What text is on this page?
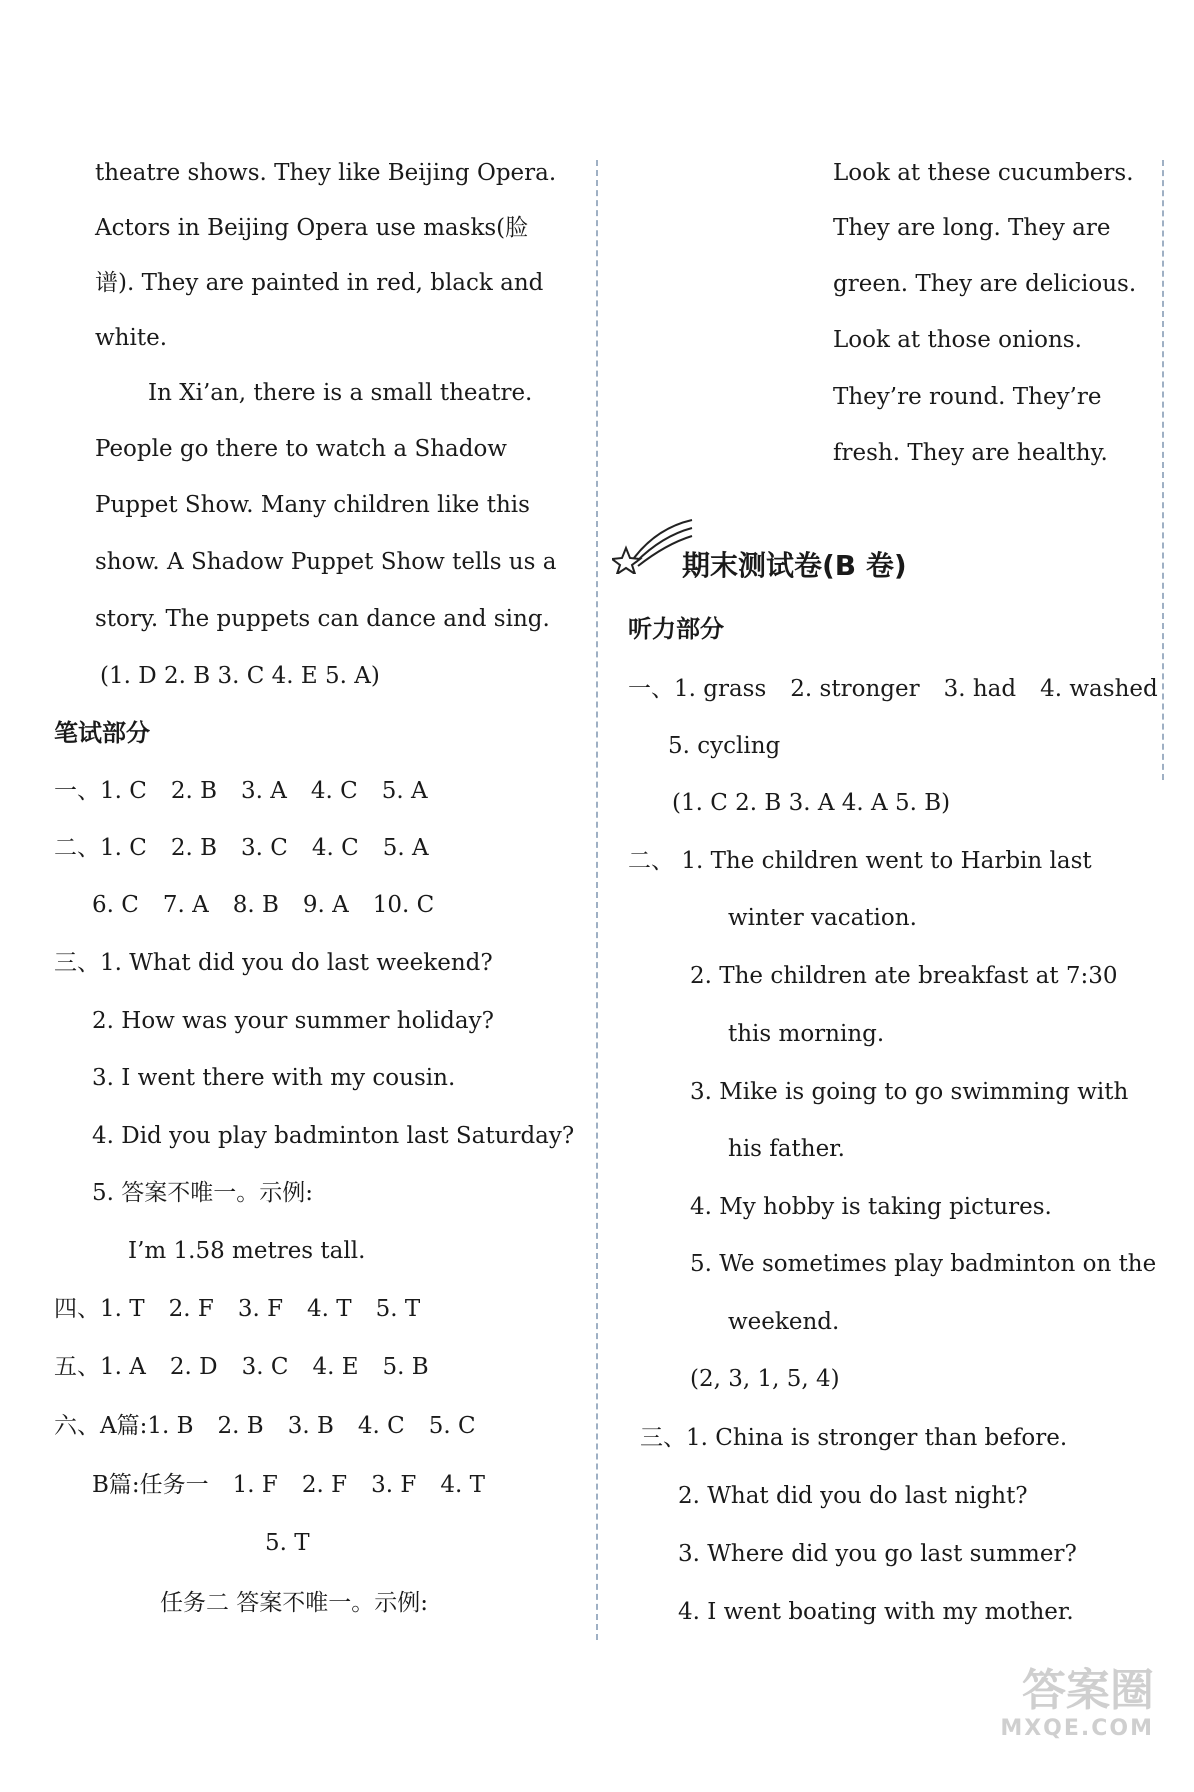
theatre shows. They like Beijing Opera.
Actors in Beijing Opera use masks(脸
谱). They are painted in red, black and
white.
In Xi’an, there is a small theatre.
People go there to watch a Shadow
Puppet Show. Many children like this
show. A Shadow Puppet Show tells us a
story. The puppets can dance and sing.
(1. D 2. B 3. C 4. E 5. A)
笔试部分
一、1. C 2. B 3. A 4. C 5. A
二、1. C 2. B 3. C 4. C 5. A
6. C 7. A 8. B 9. A 10. C
三、1. What did you do last weekend?
2. How was your summer holiday?
3. I went there with my cousin.
4. Did you play badminton last Saturday?
5. 答案不唯一。示例:
I’m 1.58 metres tall.
四、1. T 2. F 3. F 4. T 5. T
五、1. A 2. D 3. C 4. E 5. B
六、A篇:1. B 2. B 3. B 4. C 5. C
B篇:任务一 1. F 2. F 3. F 4. T
5. T
任务二 答案不唯一。示例:
Look at these cucumbers.
They are long. They are
green. They are delicious.
Look at those onions.
They’re round. They’re
fresh. They are healthy.
期末测试卷(B 卷)
听力部分
一、1. grass 2. stronger 3. had 4. washed
5. cycling
(1. C 2. B 3. A 4. A 5. B)
二、 1. The children went to Harbin last
winter vacation.
2. The children ate breakfast at 7:30
this morning.
3. Mike is going to go swimming with
his father.
4. My hobby is taking pictures.
5. We sometimes play badminton on the
weekend.
(2, 3, 1, 5, 4)
三、1. China is stronger than before.
2. What did you do last night?
3. Where did you go last summer?
4. I went boating with my mother.
答案圈
MXQE.COM
